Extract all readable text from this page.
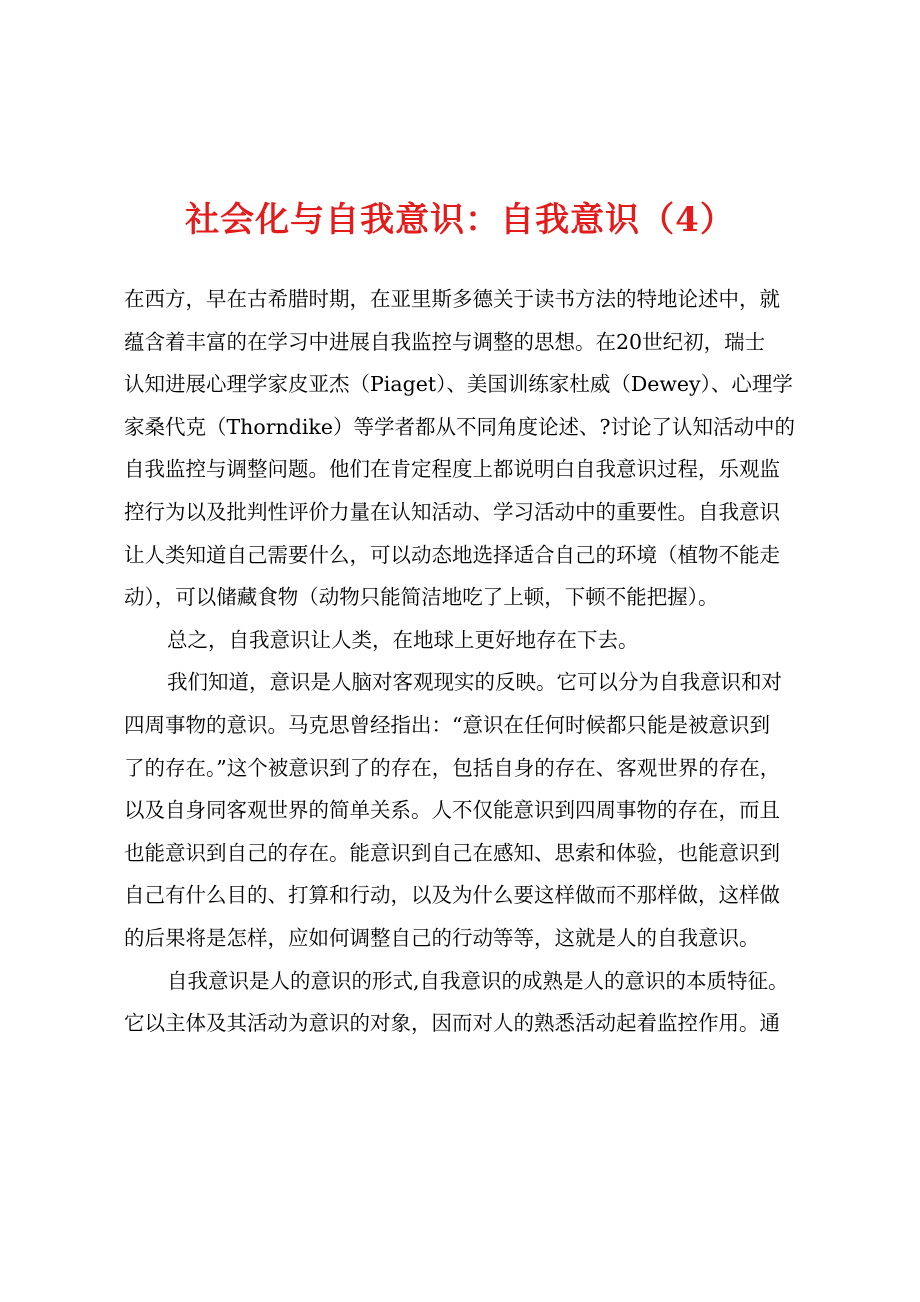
社会化与自我意识：自我意识（4）

在西方，早在古希腊时期，在亚里斯多德关于读书方法的特地论述中，就
蕴含着丰富的在学习中进展自我监控与调整的思想。在20世纪初，瑞士
认知进展心理学家皮亚杰（Piaget）、美国训练家杜威（Dewey）、心理学
家桑代克（Thorndike）等学者都从不同角度论述、?讨论了认知活动中的
自我监控与调整问题。他们在肯定程度上都说明白自我意识过程，乐观监
控行为以及批判性评价力量在认知活动、学习活动中的重要性。自我意识
让人类知道自己需要什么，可以动态地选择适合自己的环境（植物不能走
动），可以储藏食物（动物只能简洁地吃了上顿，下顿不能把握）。

总之，自我意识让人类，在地球上更好地存在下去。

我们知道，意识是人脑对客观现实的反映。它可以分为自我意识和对
四周事物的意识。马克思曾经指出：“意识在任何时候都只能是被意识到
了的存在。”这个被意识到了的存在，包括自身的存在、客观世界的存在，
以及自身同客观世界的简单关系。人不仅能意识到四周事物的存在，而且
也能意识到自己的存在。能意识到自己在感知、思索和体验，也能意识到
自己有什么目的、打算和行动，以及为什么要这样做而不那样做，这样做
的后果将是怎样，应如何调整自己的行动等等，这就是人的自我意识。

自我意识是人的意识的形式,自我意识的成熟是人的意识的本质特征。
它以主体及其活动为意识的对象，因而对人的熟悉活动起着监控作用。通
